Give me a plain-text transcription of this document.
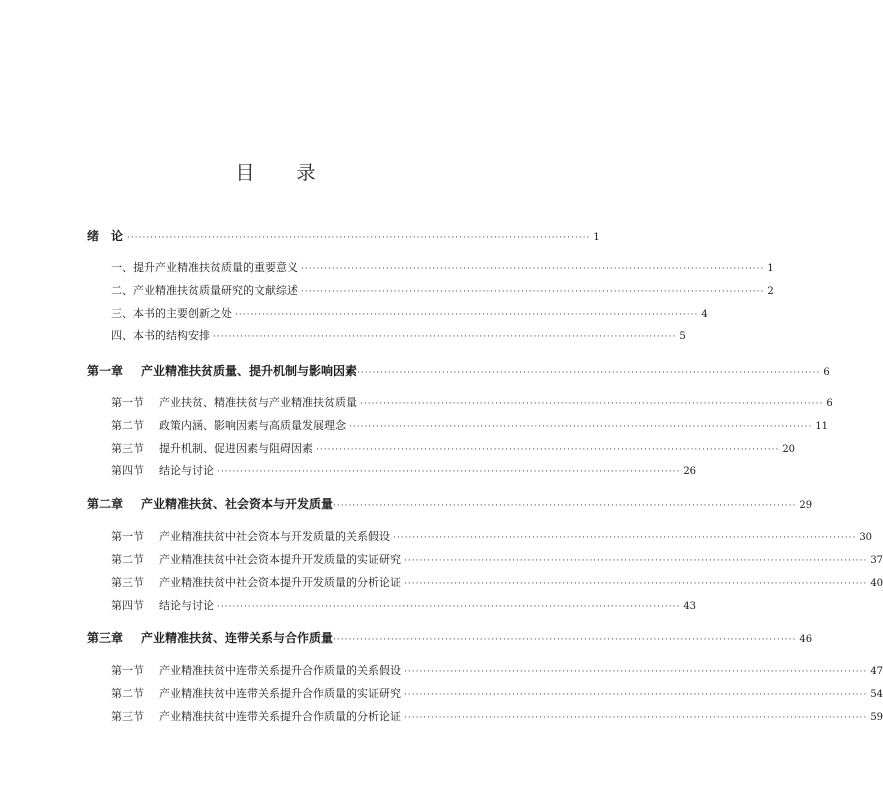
目 录
绪　论 ························································································································ 1
一、提升产业精准扶贫质量的重要意义 ························································································································ 1
二、产业精准扶贫质量研究的文献综述 ························································································································ 2
三、本书的主要创新之处 ························································································································ 4
四、本书的结构安排 ························································································································ 5
第一章 产业精准扶贫质量、提升机制与影响因素 ························································································································ 6
第一节 产业扶贫、精准扶贫与产业精准扶贫质量 ························································································································ 6
第二节 政策内涵、影响因素与高质量发展理念 ························································································································ 11
第三节 提升机制、促进因素与阻碍因素 ························································································································ 20
第四节 结论与讨论 ························································································································ 26
第二章 产业精准扶贫、社会资本与开发质量 ························································································································ 29
第一节 产业精准扶贫中社会资本与开发质量的关系假设 ························································································································ 30
第二节 产业精准扶贫中社会资本提升开发质量的实证研究 ························································································································ 37
第三节 产业精准扶贫中社会资本提升开发质量的分析论证 ························································································································ 40
第四节 结论与讨论 ························································································································ 43
第三章 产业精准扶贫、连带关系与合作质量 ························································································································ 46
第一节 产业精准扶贫中连带关系提升合作质量的关系假设 ························································································································ 47
第二节 产业精准扶贫中连带关系提升合作质量的实证研究 ························································································································ 54
第三节 产业精准扶贫中连带关系提升合作质量的分析论证 ························································································································ 59
